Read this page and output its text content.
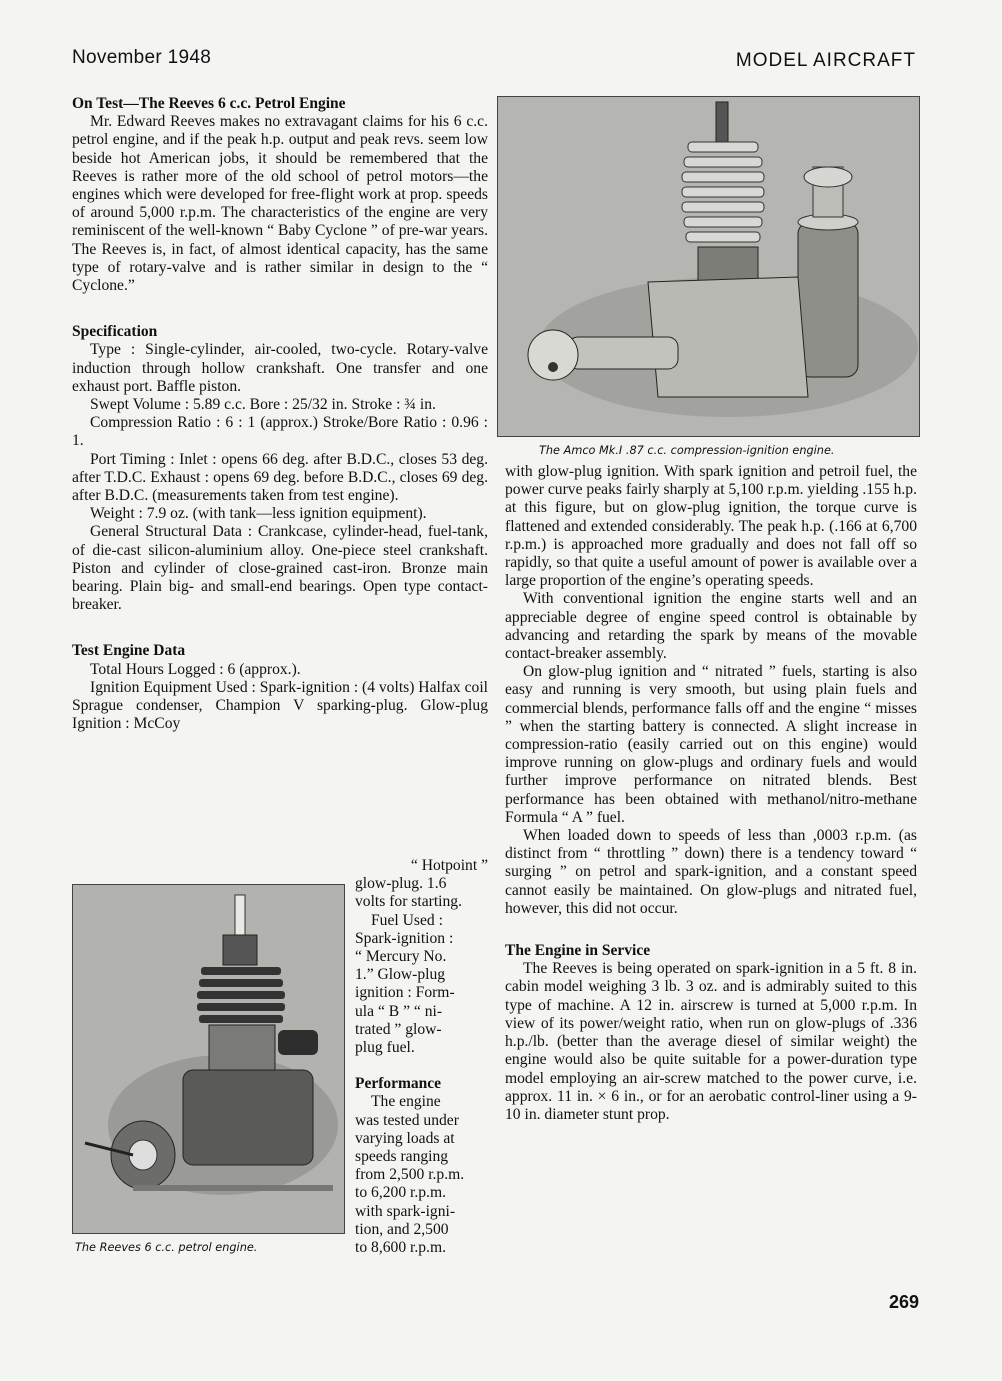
November 1948	MODEL AIRCRAFT
On Test—The Reeves 6 c.c. Petrol Engine

Mr. Edward Reeves makes no extravagant claims for his 6 c.c. petrol engine, and if the peak h.p. output and peak revs. seem low beside hot American jobs, it should be remembered that the Reeves is rather more of the old school of petrol motors—the engines which were developed for free-flight work at prop. speeds of around 5,000 r.p.m. The characteristics of the engine are very reminiscent of the well-known “ Baby Cyclone ” of pre-war years. The Reeves is, in fact, of almost identical capacity, has the same type of rotary-valve and is rather similar in design to the “ Cyclone.”

Specification

Type : Single-cylinder, air-cooled, two-cycle. Rotary-valve induction through hollow crankshaft. One transfer and one exhaust port. Baffle piston.

Swept Volume : 5.89 c.c. Bore : 25/32 in. Stroke : ¾ in.

Compression Ratio : 6 : 1 (approx.) Stroke/Bore Ratio : 0.96 : 1.

Port Timing : Inlet : opens 66 deg. after B.D.C., closes 53 deg. after T.D.C. Exhaust : opens 69 deg. before B.D.C., closes 69 deg. after B.D.C. (measurements taken from test engine).

Weight : 7.9 oz. (with tank—less ignition equipment).

General Structural Data : Crankcase, cylinder-head, fuel-tank, of die-cast silicon-aluminium alloy. One-piece steel crankshaft. Piston and cylinder of close-grained cast-iron. Bronze main bearing. Plain big- and small-end bearings. Open type contact-breaker.

Test Engine Data

Total Hours Logged : 6 (approx.).

Ignition Equipment Used : Spark-ignition : (4 volts) Halfax coil Sprague condenser, Champion V sparking-plug. Glow-plug Ignition : McCoy

The Reeves 6 c.c. petrol engine.
“ Hotpoint ”
glow-plug. 1.6
volts for starting.
Fuel Used :
Spark-ignition :
“ Mercury No.
1.” Glow-plug
ignition : Form-
ula “ B ” “ ni-
trated ” glow-
plug fuel.
Performance
The engine
was tested under
varying loads at
speeds ranging
from 2,500 r.p.m.
to 6,200 r.p.m.
with spark-igni-
tion, and 2,500
to 8,600 r.p.m.
The Amco Mk.I .87 c.c. compression-ignition engine.

with glow-plug ignition. With spark ignition and petroil fuel, the power curve peaks fairly sharply at 5,100 r.p.m. yielding .155 h.p. at this figure, but on glow-plug ignition, the torque curve is flattened and extended considerably. The peak h.p. (.166 at 6,700 r.p.m.) is approached more gradually and does not fall off so rapidly, so that quite a useful amount of power is available over a large proportion of the engine’s operating speeds.

With conventional ignition the engine starts well and an appreciable degree of engine speed control is obtainable by advancing and retarding the spark by means of the movable contact-breaker assembly.

On glow-plug ignition and “ nitrated ” fuels, starting is also easy and running is very smooth, but using plain fuels and commercial blends, performance falls off and the engine “ misses ” when the starting battery is connected. A slight increase in compression-ratio (easily carried out on this engine) would improve running on glow-plugs and ordinary fuels and would further improve performance on nitrated blends. Best performance has been obtained with methanol/nitro-methane Formula “ A ” fuel.

When loaded down to speeds of less than ,0003 r.p.m. (as distinct from “ throttling ” down) there is a tendency toward “ surging ” on petrol and spark-ignition, and a constant speed cannot easily be maintained. On glow-plugs and nitrated fuel, however, this did not occur.

The Engine in Service

The Reeves is being operated on spark-ignition in a 5 ft. 8 in. cabin model weighing 3 lb. 3 oz. and is admirably suited to this type of machine. A 12 in. airscrew is turned at 5,000 r.p.m. In view of its power/weight ratio, when run on glow-plugs of .336 h.p./lb. (better than the average diesel of similar weight) the engine would also be quite suitable for a power-duration type model employing an air-screw matched to the power curve, i.e. approx. 11 in. × 6 in., or for an aerobatic control-liner using a 9-10 in. diameter stunt prop.

269
